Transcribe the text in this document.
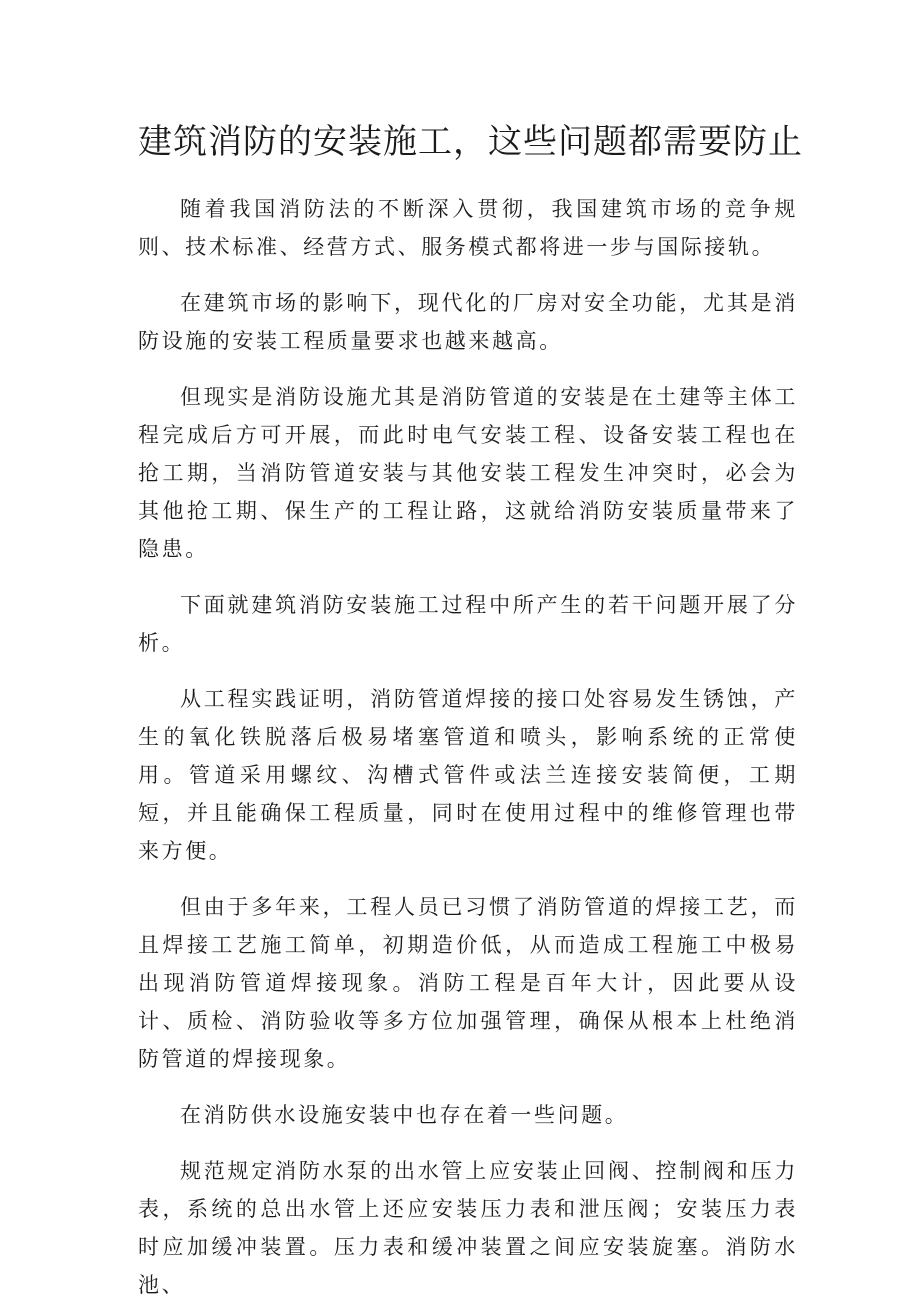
建筑消防的安装施工，这些问题都需要防止

随着我国消防法的不断深入贯彻，我国建筑市场的竞争规则、技术标准、经营方式、服务模式都将进一步与国际接轨。

在建筑市场的影响下，现代化的厂房对安全功能，尤其是消防设施的安装工程质量要求也越来越高。

但现实是消防设施尤其是消防管道的安装是在土建等主体工程完成后方可开展，而此时电气安装工程、设备安装工程也在抢工期，当消防管道安装与其他安装工程发生冲突时，必会为其他抢工期、保生产的工程让路，这就给消防安装质量带来了隐患。

下面就建筑消防安装施工过程中所产生的若干问题开展了分析。

从工程实践证明，消防管道焊接的接口处容易发生锈蚀，产生的氧化铁脱落后极易堵塞管道和喷头，影响系统的正常使用。管道采用螺纹、沟槽式管件或法兰连接安装简便，工期短，并且能确保工程质量，同时在使用过程中的维修管理也带来方便。

但由于多年来，工程人员已习惯了消防管道的焊接工艺，而且焊接工艺施工简单，初期造价低，从而造成工程施工中极易出现消防管道焊接现象。消防工程是百年大计，因此要从设计、质检、消防验收等多方位加强管理，确保从根本上杜绝消防管道的焊接现象。

在消防供水设施安装中也存在着一些问题。

规范规定消防水泵的出水管上应安装止回阀、控制阀和压力表，系统的总出水管上还应安装压力表和泄压阀；安装压力表时应加缓冲装置。压力表和缓冲装置之间应安装旋塞。消防水池、
